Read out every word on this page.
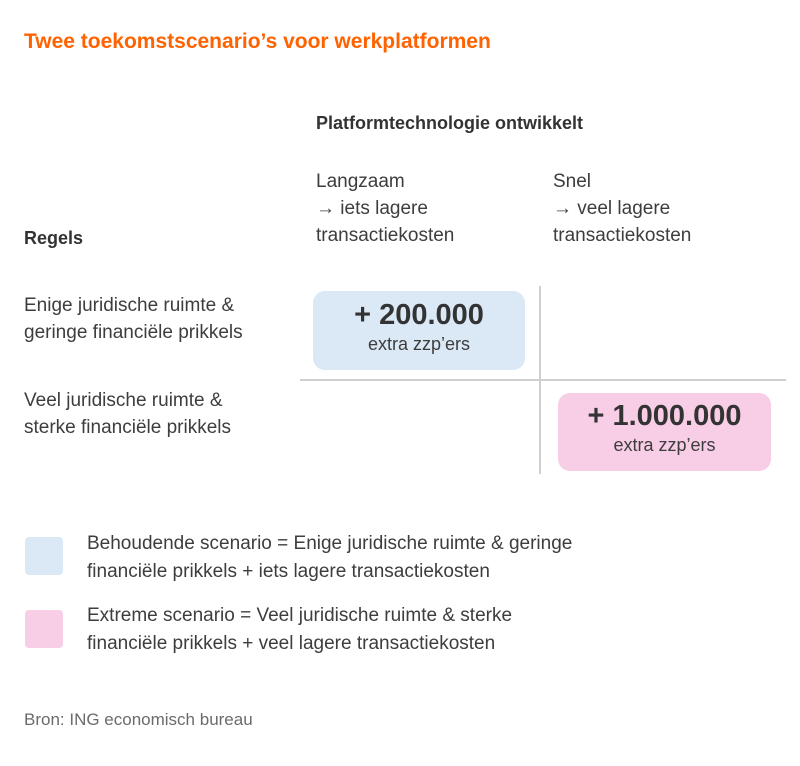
Twee toekomstscenario’s voor werkplatformen
Platformtechnologie ontwikkelt
Langzaam
→ iets lagere
transactiekosten
Snel
→ veel lagere
transactiekosten
Regels
Enige juridische ruimte &
geringe financiële prikkels
Veel juridische ruimte &
sterke financiële prikkels
+ 200.000
extra zzp’ers
+ 1.000.000
extra zzp’ers
Behoudende scenario = Enige juridische ruimte & geringe
financiële prikkels + iets lagere transactiekosten
Extreme scenario = Veel juridische ruimte & sterke
financiële prikkels + veel lagere transactiekosten
Bron: ING economisch bureau
